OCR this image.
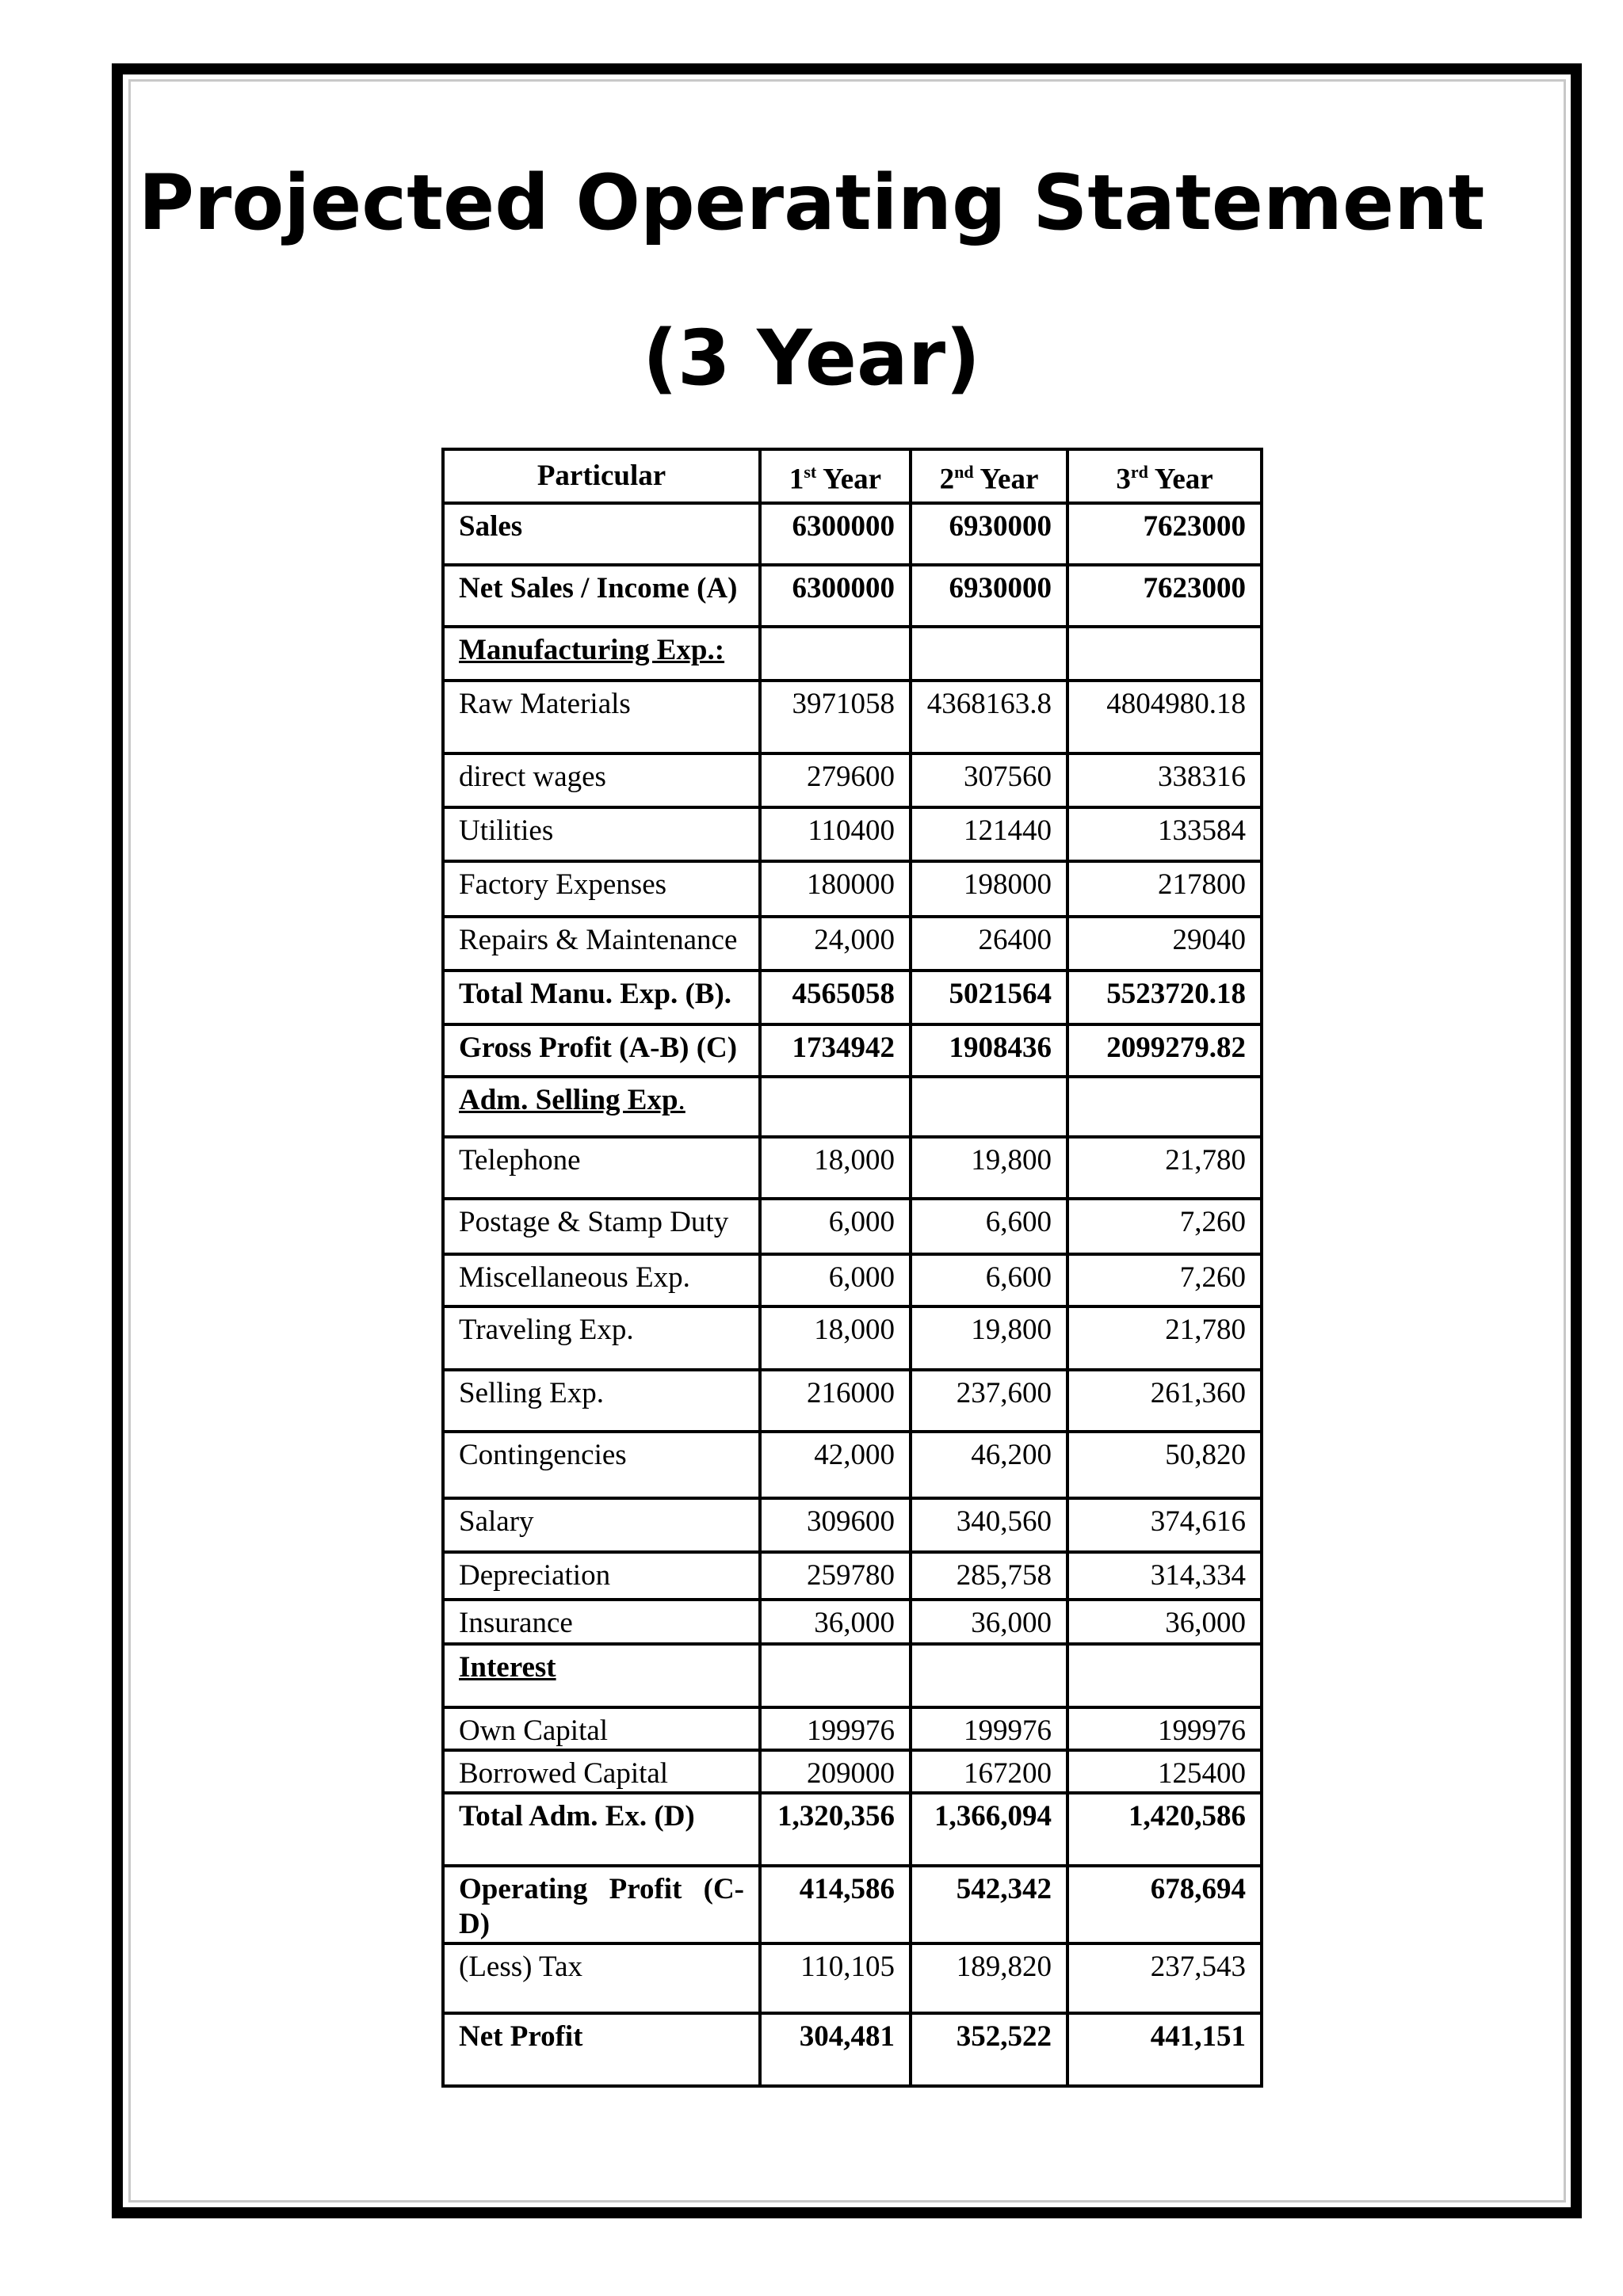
Projected Operating Statement
(3 Year)
Particular	1st Year	2nd Year	3rd Year
Sales	6300000	6930000	7623000
Net Sales / Income (A)	6300000	6930000	7623000
Manufacturing Exp.:			
Raw Materials	3971058	4368163.8	4804980.18
direct wages	279600	307560	338316
Utilities	110400	121440	133584
Factory Expenses	180000	198000	217800
Repairs & Maintenance	24,000	26400	29040
Total Manu. Exp. (B).	4565058	5021564	5523720.18
Gross Profit (A-B) (C)	1734942	1908436	2099279.82
Adm. Selling Exp.			
Telephone	18,000	19,800	21,780
Postage & Stamp Duty	6,000	6,600	7,260
Miscellaneous Exp.	6,000	6,600	7,260
Traveling Exp.	18,000	19,800	21,780
Selling Exp.	216000	237,600	261,360
Contingencies	42,000	46,200	50,820
Salary	309600	340,560	374,616
Depreciation	259780	285,758	314,334
Insurance	36,000	36,000	36,000
Interest			
Own Capital	199976	199976	199976
Borrowed Capital	209000	167200	125400
Total Adm. Ex. (D)	1,320,356	1,366,094	1,420,586
Operating Profit (C-D)	414,586	542,342	678,694
(Less) Tax	110,105	189,820	237,543
Net Profit	304,481	352,522	441,151
